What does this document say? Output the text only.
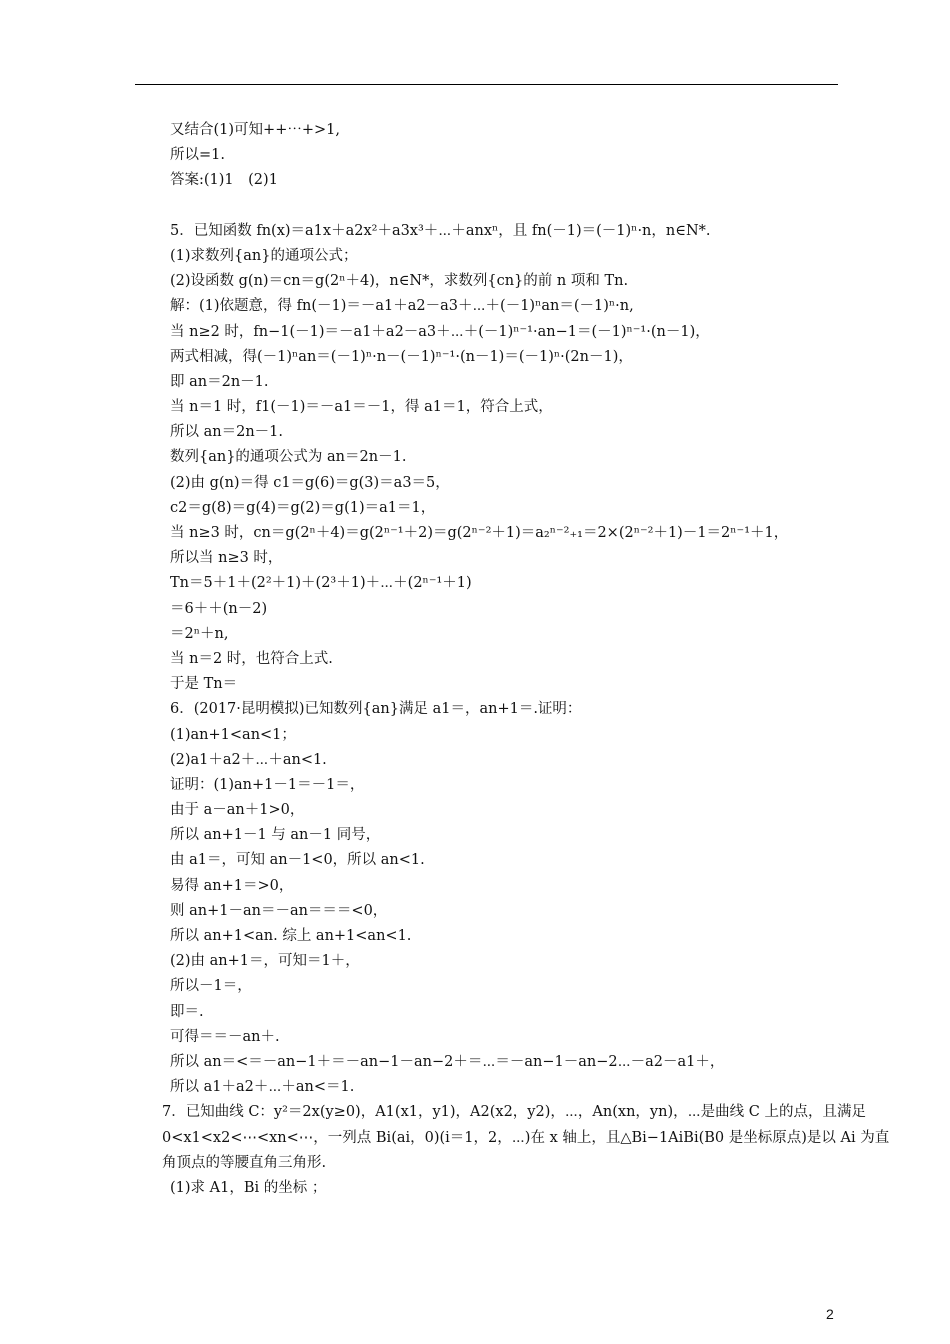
又结合(1)可知++⋯+>1,
所以=1.
答案:(1)1　(2)1
5．已知函数 fn(x)＝a1x＋a2x²＋a3x³＋⋯＋anxⁿ，且 fn(－1)＝(－1)ⁿ·n，n∈N*.
(1)求数列{an}的通项公式；
(2)设函数 g(n)＝cn＝g(2ⁿ＋4)，n∈N*，求数列{cn}的前 n 项和 Tn.
解：(1)依题意，得 fn(－1)＝－a1＋a2－a3＋⋯＋(－1)ⁿan＝(－1)ⁿ·n,
当 n≥2 时，fn−1(－1)＝－a1＋a2－a3＋⋯＋(－1)ⁿ⁻¹·an−1＝(－1)ⁿ⁻¹·(n－1)，
两式相减，得(－1)ⁿan＝(－1)ⁿ·n－(－1)ⁿ⁻¹·(n－1)＝(－1)ⁿ·(2n－1)，
即 an＝2n－1.
当 n＝1 时，f1(－1)＝－a1＝－1，得 a1＝1，符合上式，
所以 an＝2n－1.
数列{an}的通项公式为 an＝2n－1.
(2)由 g(n)＝得 c1＝g(6)＝g(3)＝a3＝5，
c2＝g(8)＝g(4)＝g(2)＝g(1)＝a1＝1，
当 n≥3 时，cn＝g(2ⁿ＋4)＝g(2ⁿ⁻¹＋2)＝g(2ⁿ⁻²＋1)＝a₂ⁿ⁻²₊₁＝2×(2ⁿ⁻²＋1)－1＝2ⁿ⁻¹＋1，
所以当 n≥3 时，
Tn＝5＋1＋(2²＋1)＋(2³＋1)＋⋯＋(2ⁿ⁻¹＋1)
＝6＋＋(n－2)
＝2ⁿ＋n,
当 n＝2 时，也符合上式.
于是 Tn＝
6．(2017·昆明模拟)已知数列{an}满足 a1＝，an+1＝.证明：
(1)an+1<an<1；
(2)a1＋a2＋⋯＋an<1.
证明：(1)an+1－1＝－1＝，
由于 a－an＋1>0，
所以 an+1－1 与 an－1 同号，
由 a1＝，可知 an－1<0，所以 an<1.
易得 an+1＝>0，
则 an+1－an＝－an＝＝＝<0，
所以 an+1<an. 综上 an+1<an<1.
(2)由 an+1＝，可知＝1＋，
所以－1＝，
即＝.
可得＝＝－an＋.
所以 an＝<＝－an−1＋＝－an−1－an−2＋＝⋯＝－an−1－an−2⋯－a2－a1＋，
所以 a1＋a2＋⋯＋an<＝1.
7．已知曲线 C：y²＝2x(y≥0)，A1(x1，y1)，A2(x2，y2)，⋯，An(xn，yn)，⋯是曲线 C 上的点，且满足
0<x1<x2<⋯<xn<⋯，一列点 Bi(ai，0)(i＝1，2，⋯)在 x 轴上，且△Bi−1AiBi(B0 是坐标原点)是以 Ai 为直
角顶点的等腰直角三角形.
(1)求 A1，Bi 的坐标 ；
2
